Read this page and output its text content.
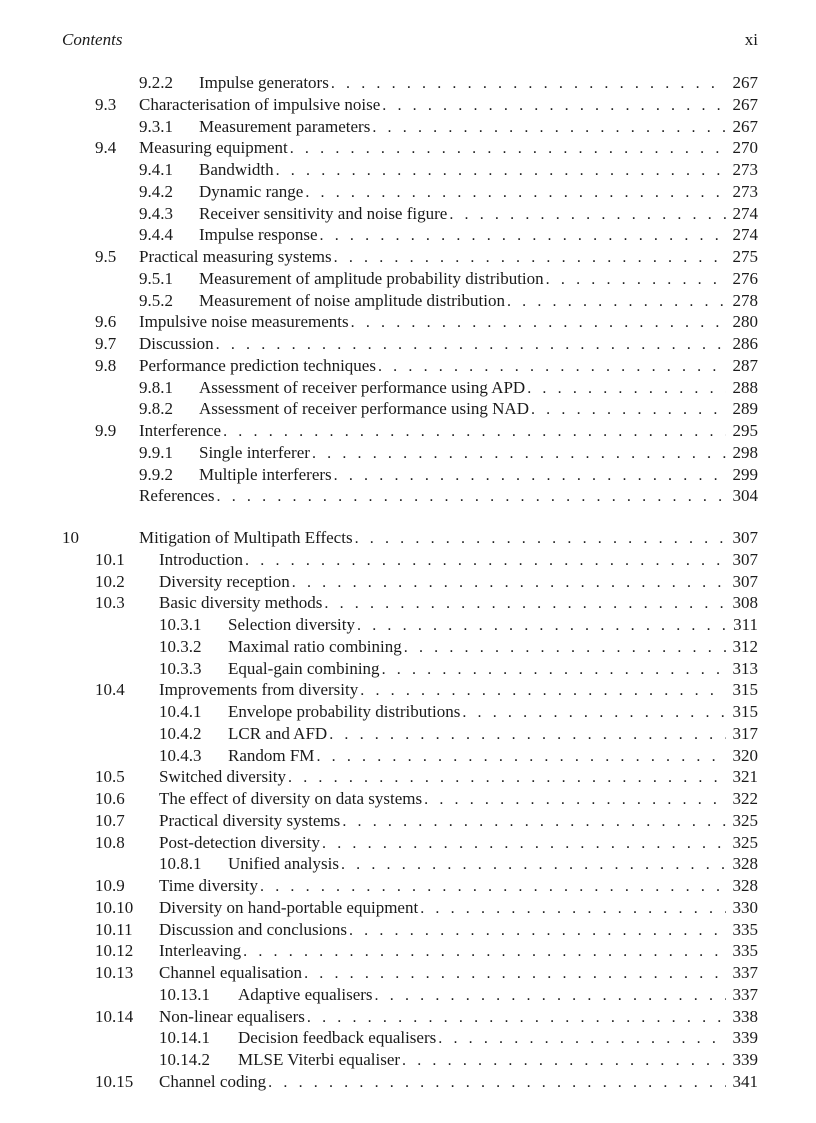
Contents	xi
9.2.2 Impulse generators . . .	267
9.3 Characterisation of impulsive noise . . .	267
9.3.1 Measurement parameters . . .	267
9.4 Measuring equipment . . .	270
9.4.1 Bandwidth . . .	273
9.4.2 Dynamic range . . .	273
9.4.3 Receiver sensitivity and noise figure . . .	274
9.4.4 Impulse response . . .	274
9.5 Practical measuring systems . . .	275
9.5.1 Measurement of amplitude probability distribution . . .	276
9.5.2 Measurement of noise amplitude distribution . . .	278
9.6 Impulsive noise measurements . . .	280
9.7 Discussion . . .	286
9.8 Performance prediction techniques . . .	287
9.8.1 Assessment of receiver performance using APD . . .	288
9.8.2 Assessment of receiver performance using NAD . . .	289
9.9 Interference . . .	295
9.9.1 Single interferer . . .	298
9.9.2 Multiple interferers . . .	299
References . . .	304
10	Mitigation of Multipath Effects . . .	307
10.1 Introduction . . .	307
10.2 Diversity reception . . .	307
10.3 Basic diversity methods . . .	308
10.3.1 Selection diversity . . .	311
10.3.2 Maximal ratio combining . . .	312
10.3.3 Equal-gain combining . . .	313
10.4 Improvements from diversity . . .	315
10.4.1 Envelope probability distributions . . .	315
10.4.2 LCR and AFD . . .	317
10.4.3 Random FM . . .	320
10.5 Switched diversity . . .	321
10.6 The effect of diversity on data systems . . .	322
10.7 Practical diversity systems . . .	325
10.8 Post-detection diversity . . .	325
10.8.1 Unified analysis . . .	328
10.9 Time diversity . . .	328
10.10 Diversity on hand-portable equipment . . .	330
10.11 Discussion and conclusions . . .	335
10.12 Interleaving . . .	335
10.13 Channel equalisation . . .	337
10.13.1 Adaptive equalisers . . .	337
10.14 Non-linear equalisers . . .	338
10.14.1 Decision feedback equalisers . . .	339
10.14.2 MLSE Viterbi equaliser . . .	339
10.15 Channel coding . . .	341
